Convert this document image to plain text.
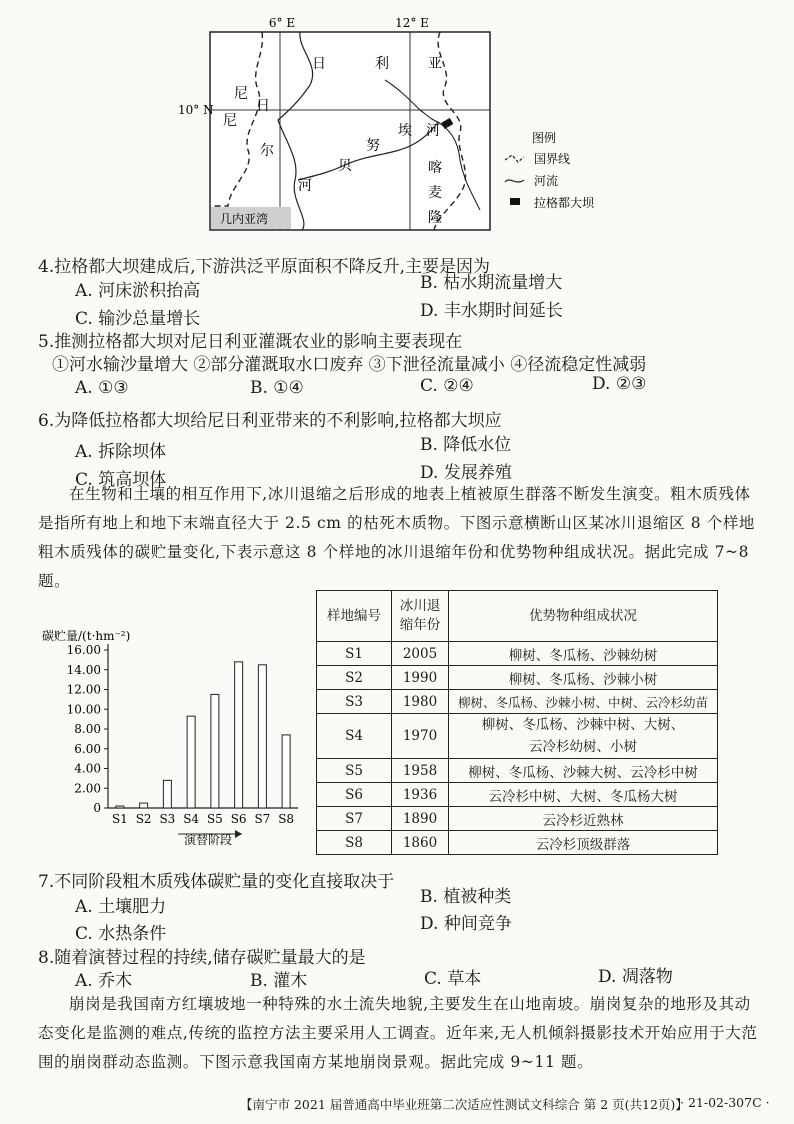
6° E	12° E
10° N
尼
日	利	亚
尼
日
尔
河
贝
努
埃 河
喀
麦
隆
几内亚湾
图例
国界线
河流
拉格都大坝
4.拉格都大坝建成后,下游洪泛平原面积不降反升,主要是因为
A. 河床淤积抬高	B. 枯水期流量增大
C. 输沙总量增长	D. 丰水期时间延长
5.推测拉格都大坝对尼日利亚灌溉农业的影响主要表现在
①河水输沙量增大 ②部分灌溉取水口废弃 ③下泄径流量减小 ④径流稳定性减弱
A. ①③	B. ①④	C. ②④	D. ②③
6.为降低拉格都大坝给尼日利亚带来的不利影响,拉格都大坝应
A. 拆除坝体	B. 降低水位
C. 筑高坝体	D. 发展养殖
在生物和土壤的相互作用下,冰川退缩之后形成的地表上植被原生群落不断发生演变。粗木质残体是指所有地上和地下末端直径大于 2.5 cm 的枯死木质物。下图示意横断山区某冰川退缩区 8 个样地粗木质残体的碳贮量变化,下表示意这 8 个样地的冰川退缩年份和优势物种组成状况。据此完成 7~8 题。
碳贮量/(t·hm⁻²)
演替阶段
0
2.00
4.00
6.00
8.00
10.00
12.00
14.00
16.00
S1 S2 S3 S4 S5 S6 S7 S8
样地编号	冰川退缩年份	优势物种组成状况
S1	2005	柳树、冬瓜杨、沙棘幼树
S2	1990	柳树、冬瓜杨、沙棘小树
S3	1980	柳树、冬瓜杨、沙棘小树、中树、云冷杉幼苗
S4	1970	柳树、冬瓜杨、沙棘中树、大树、云冷杉幼树、小树
S5	1958	柳树、冬瓜杨、沙棘大树、云冷杉中树
S6	1936	云冷杉中树、大树、冬瓜杨大树
S7	1890	云冷杉近熟林
S8	1860	云冷杉顶级群落
7.不同阶段粗木质残体碳贮量的变化直接取决于
A. 土壤肥力	B. 植被种类
C. 水热条件	D. 种间竞争
8.随着演替过程的持续,储存碳贮量最大的是
A. 乔木	B. 灌木	C. 草本	D. 凋落物
崩岗是我国南方红壤坡地一种特殊的水土流失地貌,主要发生在山地南坡。崩岗复杂的地形及其动态变化是监测的难点,传统的监控方法主要采用人工调查。近年来,无人机倾斜摄影技术开始应用于大范围的崩岗群动态监测。下图示意我国南方某地崩岗景观。据此完成 9~11 题。
【南宁市 2021 届普通高中毕业班第二次适应性测试文科综合 第 2 页(共12页)】
· 21-02-307C ·
